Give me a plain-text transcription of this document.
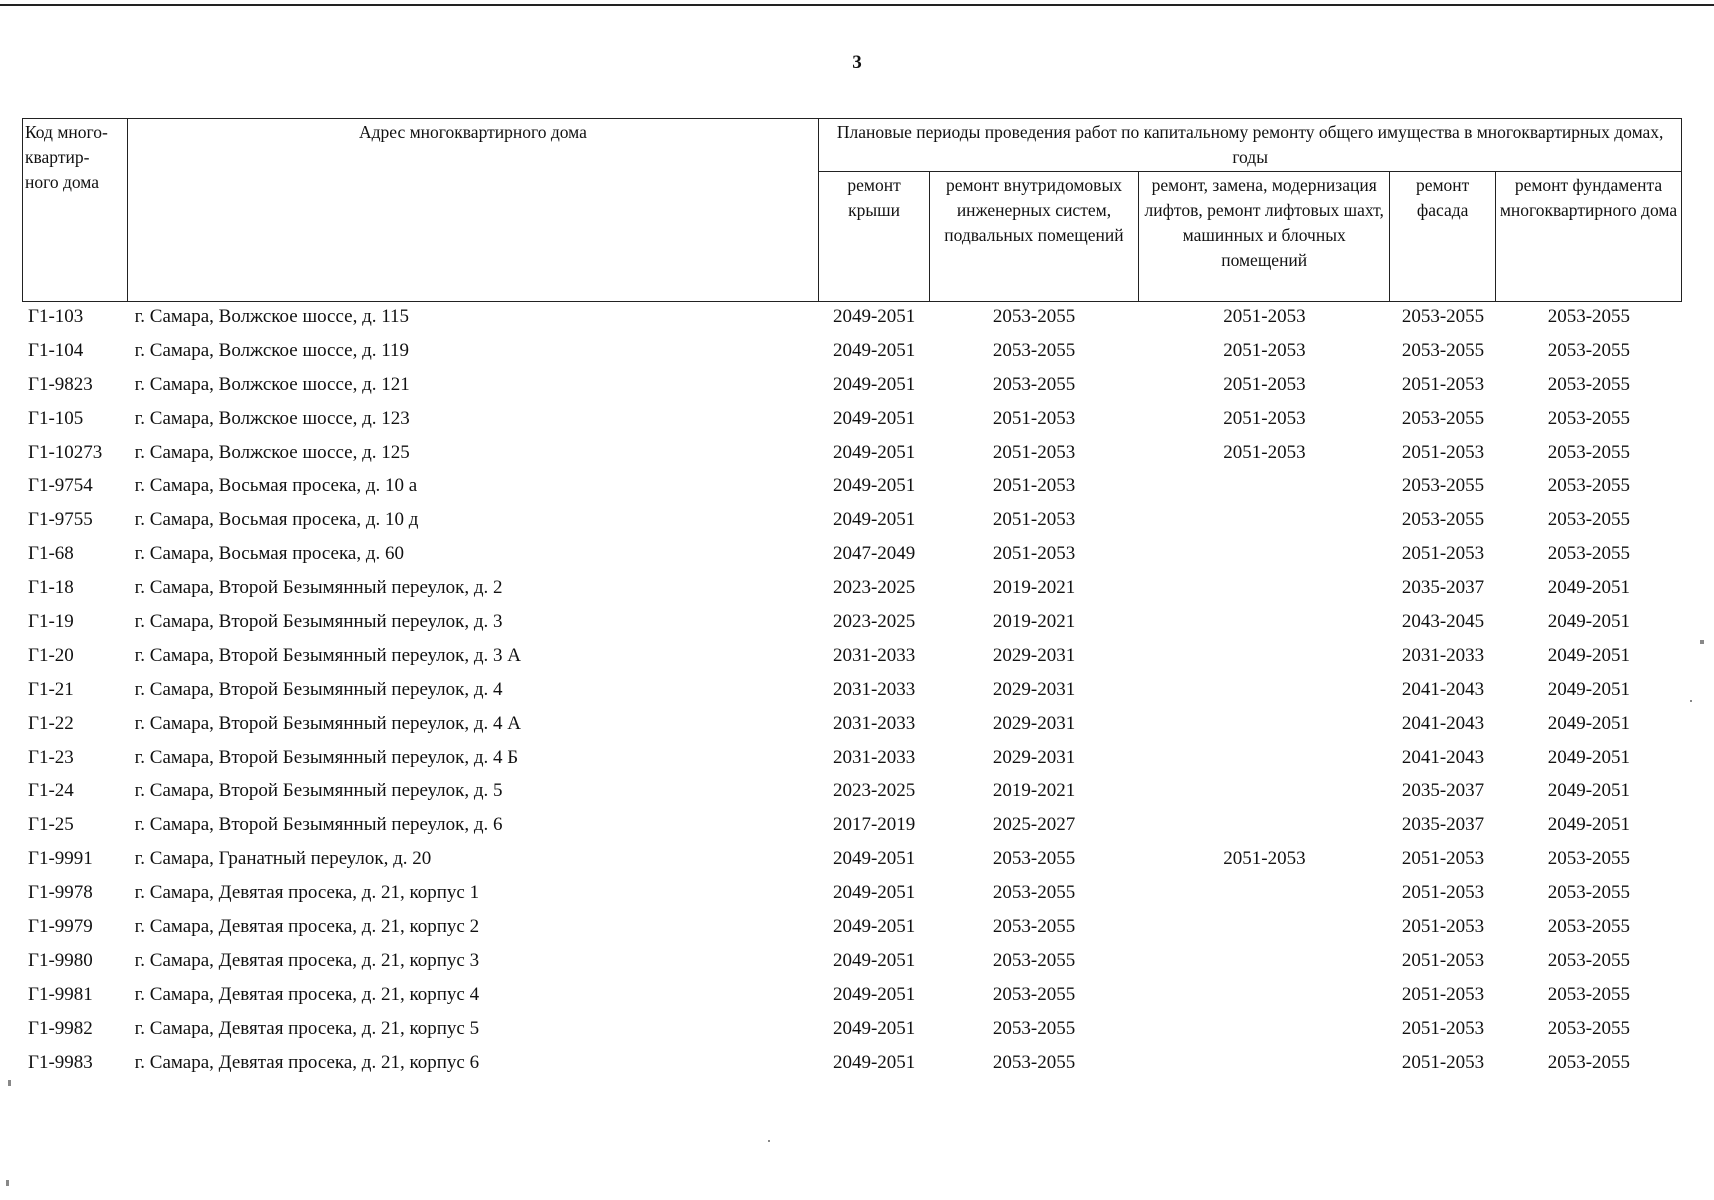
3
Код много-
квартир-
ного дома	Адрес многоквартирного дома	Плановые периоды проведения работ по капитальному ремонту общего имущества в многоквартирных домах, годы				
		ремонт крыши	ремонт внутридомовых инженерных систем, подвальных помещений	ремонт, замена, модернизация лифтов, ремонт лифтовых шахт, машинных и блочных помещений	ремонт фасада	ремонт фундамента многоквартирного дома
Г1-103	г. Самара, Волжское шоссе, д. 115	2049-2051	2053-2055	2051-2053	2053-2055	2053-2055
Г1-104	г. Самара, Волжское шоссе, д. 119	2049-2051	2053-2055	2051-2053	2053-2055	2053-2055
Г1-9823	г. Самара, Волжское шоссе, д. 121	2049-2051	2053-2055	2051-2053	2051-2053	2053-2055
Г1-105	г. Самара, Волжское шоссе, д. 123	2049-2051	2051-2053	2051-2053	2053-2055	2053-2055
Г1-10273	г. Самара, Волжское шоссе, д. 125	2049-2051	2051-2053	2051-2053	2051-2053	2053-2055
Г1-9754	г. Самара, Восьмая просека, д. 10 а	2049-2051	2051-2053		2053-2055	2053-2055
Г1-9755	г. Самара, Восьмая просека, д. 10 д	2049-2051	2051-2053		2053-2055	2053-2055
Г1-68	г. Самара, Восьмая просека, д. 60	2047-2049	2051-2053		2051-2053	2053-2055
Г1-18	г. Самара, Второй Безымянный переулок, д. 2	2023-2025	2019-2021		2035-2037	2049-2051
Г1-19	г. Самара, Второй Безымянный переулок, д. 3	2023-2025	2019-2021		2043-2045	2049-2051
Г1-20	г. Самара, Второй Безымянный переулок, д. 3 А	2031-2033	2029-2031		2031-2033	2049-2051
Г1-21	г. Самара, Второй Безымянный переулок, д. 4	2031-2033	2029-2031		2041-2043	2049-2051
Г1-22	г. Самара, Второй Безымянный переулок, д. 4 А	2031-2033	2029-2031		2041-2043	2049-2051
Г1-23	г. Самара, Второй Безымянный переулок, д. 4 Б	2031-2033	2029-2031		2041-2043	2049-2051
Г1-24	г. Самара, Второй Безымянный переулок, д. 5	2023-2025	2019-2021		2035-2037	2049-2051
Г1-25	г. Самара, Второй Безымянный переулок, д. 6	2017-2019	2025-2027		2035-2037	2049-2051
Г1-9991	г. Самара, Гранатный переулок, д. 20	2049-2051	2053-2055	2051-2053	2051-2053	2053-2055
Г1-9978	г. Самара, Девятая просека, д. 21, корпус 1	2049-2051	2053-2055		2051-2053	2053-2055
Г1-9979	г. Самара, Девятая просека, д. 21, корпус 2	2049-2051	2053-2055		2051-2053	2053-2055
Г1-9980	г. Самара, Девятая просека, д. 21, корпус 3	2049-2051	2053-2055		2051-2053	2053-2055
Г1-9981	г. Самара, Девятая просека, д. 21, корпус 4	2049-2051	2053-2055		2051-2053	2053-2055
Г1-9982	г. Самара, Девятая просека, д. 21, корпус 5	2049-2051	2053-2055		2051-2053	2053-2055
Г1-9983	г. Самара, Девятая просека, д. 21, корпус 6	2049-2051	2053-2055		2051-2053	2053-2055
